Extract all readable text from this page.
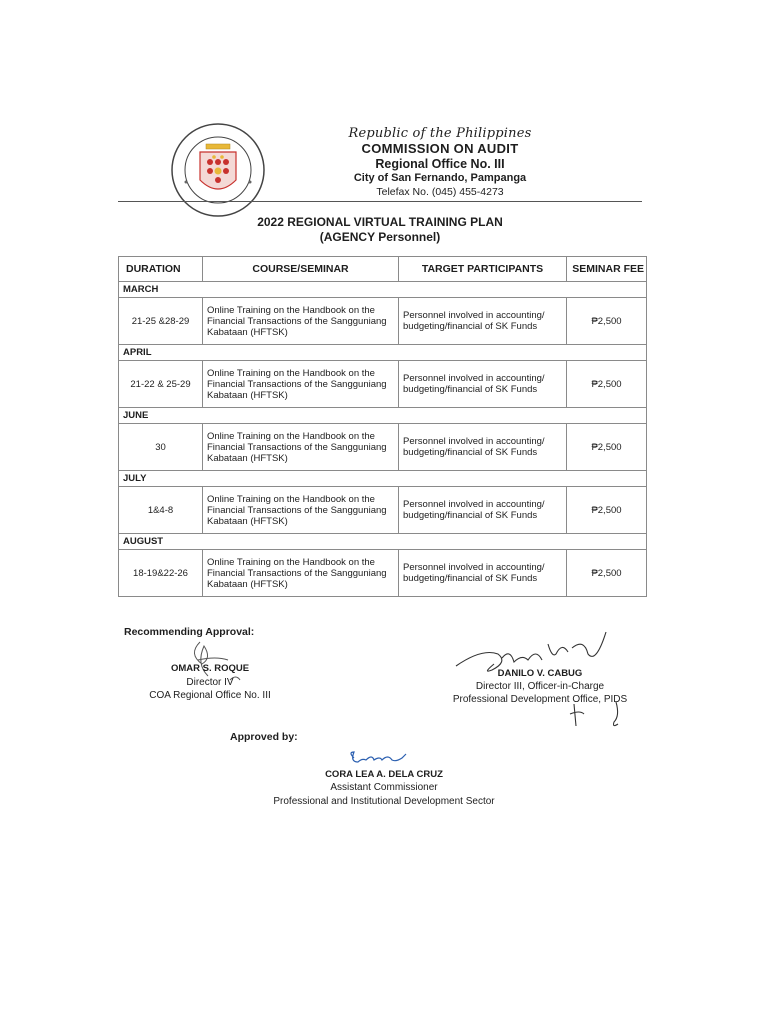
Republic of the Philippines
COMMISSION ON AUDIT
Regional Office No. III
City of San Fernando, Pampanga
Telefax No. (045) 455-4273
2022 REGIONAL VIRTUAL TRAINING PLAN
(AGENCY Personnel)
DURATION	COURSE/SEMINAR	TARGET PARTICIPANTS	SEMINAR FEE
MARCH			
21-25 &28-29	Online Training on the Handbook on the Financial Transactions of the Sangguniang Kabataan (HFTSK)	Personnel involved in accounting/ budgeting/financial of SK Funds	₱2,500
APRIL			
21-22 & 25-29	Online Training on the Handbook on the Financial Transactions of the Sangguniang Kabataan (HFTSK)	Personnel involved in accounting/ budgeting/financial of SK Funds	₱2,500
JUNE			
30	Online Training on the Handbook on the Financial Transactions of the Sangguniang Kabataan (HFTSK)	Personnel involved in accounting/ budgeting/financial of SK Funds	₱2,500
JULY			
1&4-8	Online Training on the Handbook on the Financial Transactions of the Sangguniang Kabataan (HFTSK)	Personnel involved in accounting/ budgeting/financial of SK Funds	₱2,500
AUGUST			
18-19&22-26	Online Training on the Handbook on the Financial Transactions of the Sangguniang Kabataan (HFTSK)	Personnel involved in accounting/ budgeting/financial of SK Funds	₱2,500
Recommending Approval:
OMAR S. ROQUE
Director IV
COA Regional Office No. III
DANILO V. CABUG
Director III, Officer-in-Charge
Professional Development Office, PIDS
Approved by:
CORA LEA A. DELA CRUZ
Assistant Commissioner
Professional and Institutional Development Sector
